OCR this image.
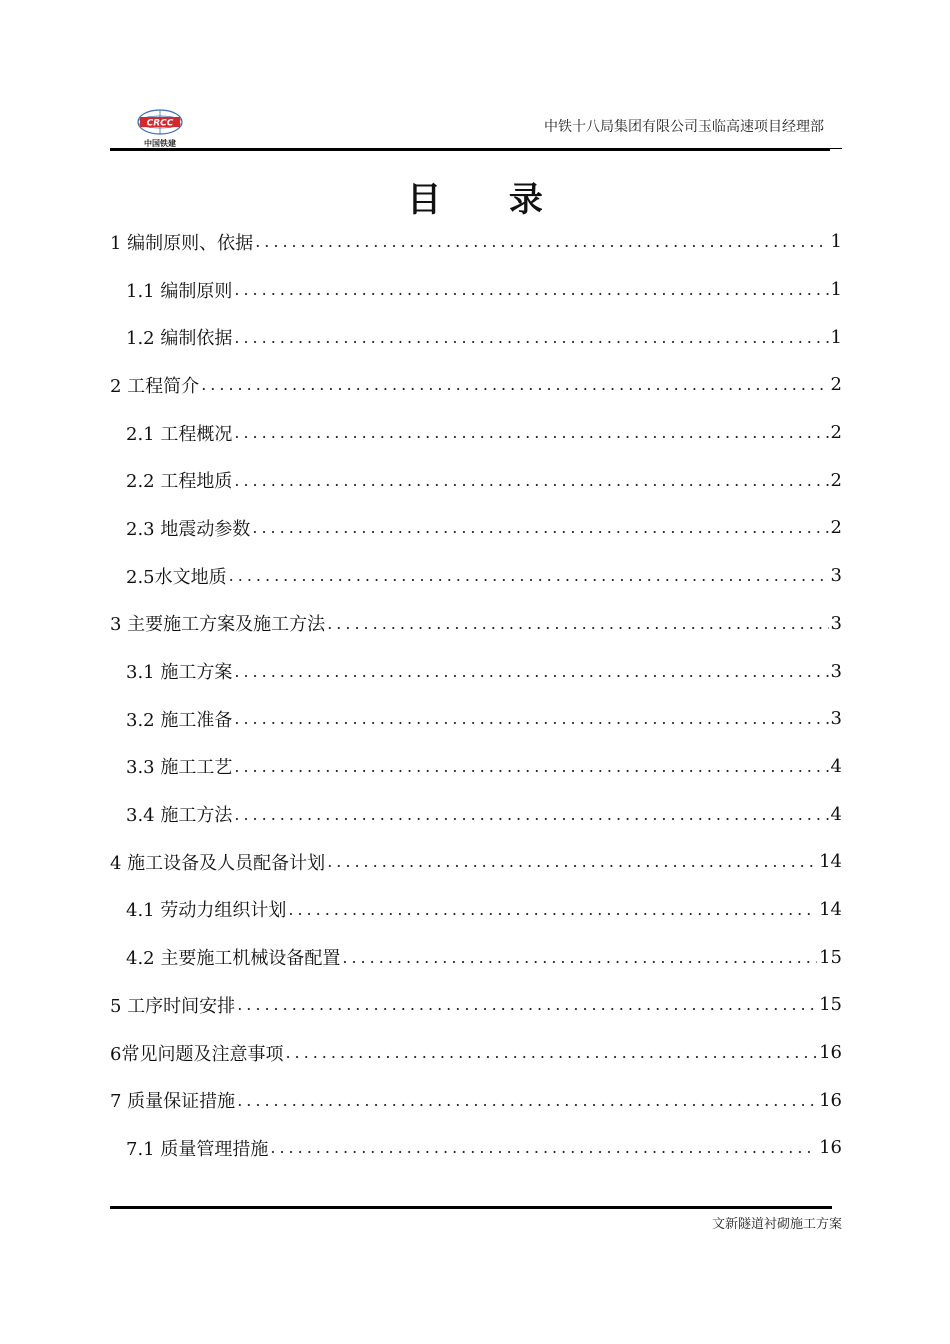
CRCC
中国铁建
中铁十八局集团有限公司玉临高速项目经理部
目 录
1 编制原则、依据 .....	1
1.1 编制原则 .....	1
1.2 编制依据 .....	1
2 工程简介 .....	2
2.1 工程概况 .....	2
2.2 工程地质 .....	2
2.3 地震动参数 .....	2
2.5水文地质 .....	3
3 主要施工方案及施工方法 .....	3
3.1 施工方案 .....	3
3.2 施工准备 .....	3
3.3 施工工艺 .....	4
3.4 施工方法 .....	4
4 施工设备及人员配备计划 .....	14
4.1 劳动力组织计划 .....	14
4.2 主要施工机械设备配置 .....	15
5 工序时间安排 .....	15
6常见问题及注意事项 .....	16
7 质量保证措施 .....	16
7.1 质量管理措施 .....	16
文新隧道衬砌施工方案
